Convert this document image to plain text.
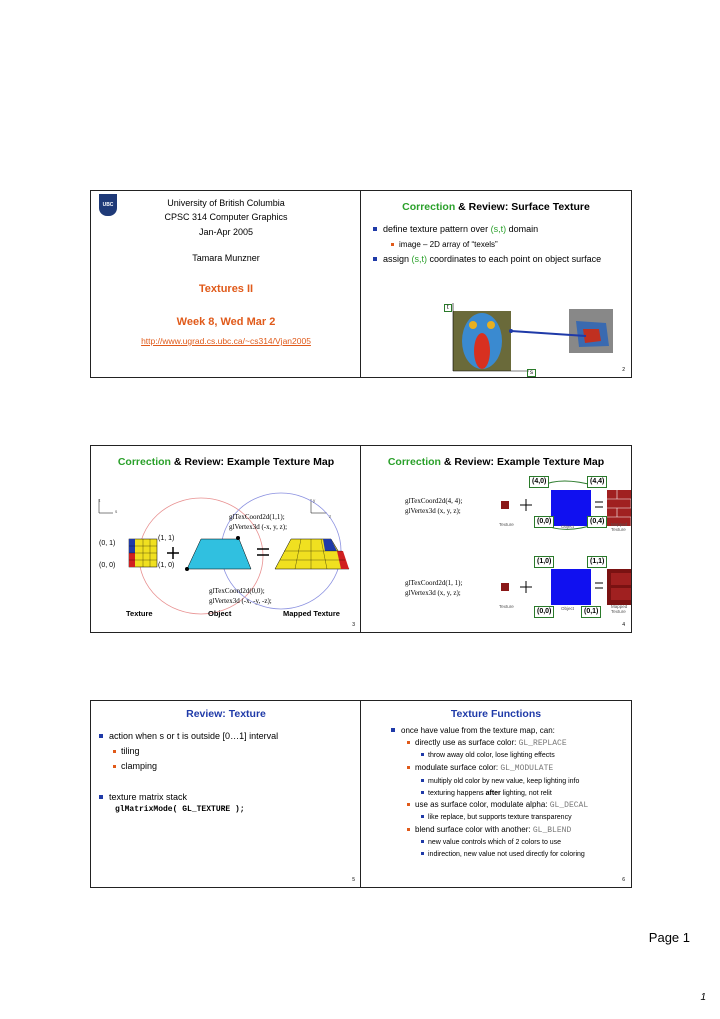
UBC	University of British Columbia
CPSC 314 Computer Graphics
Jan-Apr 2005
Tamara Munzner
Textures II
Week 8, Wed Mar 2
http://www.ugrad.cs.ubc.ca/~cs314/Vjan2005
Correction & Review: Surface Texture
define texture pattern over (s,t) domain
image – 2D array of “texels”
assign (s,t) coordinates to each point on object surface
t
s	2
Correction & Review: Example Texture Map
t
s
y
z
glTexCoord2d(1,1);
glVertex3d (-x, y, z);
glTexCoord2d(0,0);
glVertex3d (-x, -y, -z);
(0, 1)
(1, 1)
(0, 0)	(1, 0)
Texture	Object	Mapped Texture
3
Correction & Review: Example Texture Map
(4,0)	(4,4)
glTexCoord2d(4, 4);
glVertex3d (x, y, z);
(0,0)	(0,4)
Texture	Object	Mapped Texture
(1,0)	(1,1)
glTexCoord2d(1, 1);
glVertex3d (x, y, z);
Texture
(0,0)	Object	(0,1)
Mapped Texture
4
Review: Texture
action when s or t is outside [0…1] interval
tiling
clamping
texture matrix stack
glMatrixMode( GL_TEXTURE );
5
Texture Functions
once have value from the texture map, can:
directly use as surface color: GL_REPLACE
throw away old color, lose lighting effects
modulate surface color: GL_MODULATE
multiply old color by new value, keep lighting info
texturing happens after lighting, not relit
use as surface color, modulate alpha: GL_DECAL
like replace, but supports texture transparency
blend surface color with another: GL_BLEND
new value controls which of 2 colors to use
indirection, new value not used directly for coloring
6
Page 1
1
